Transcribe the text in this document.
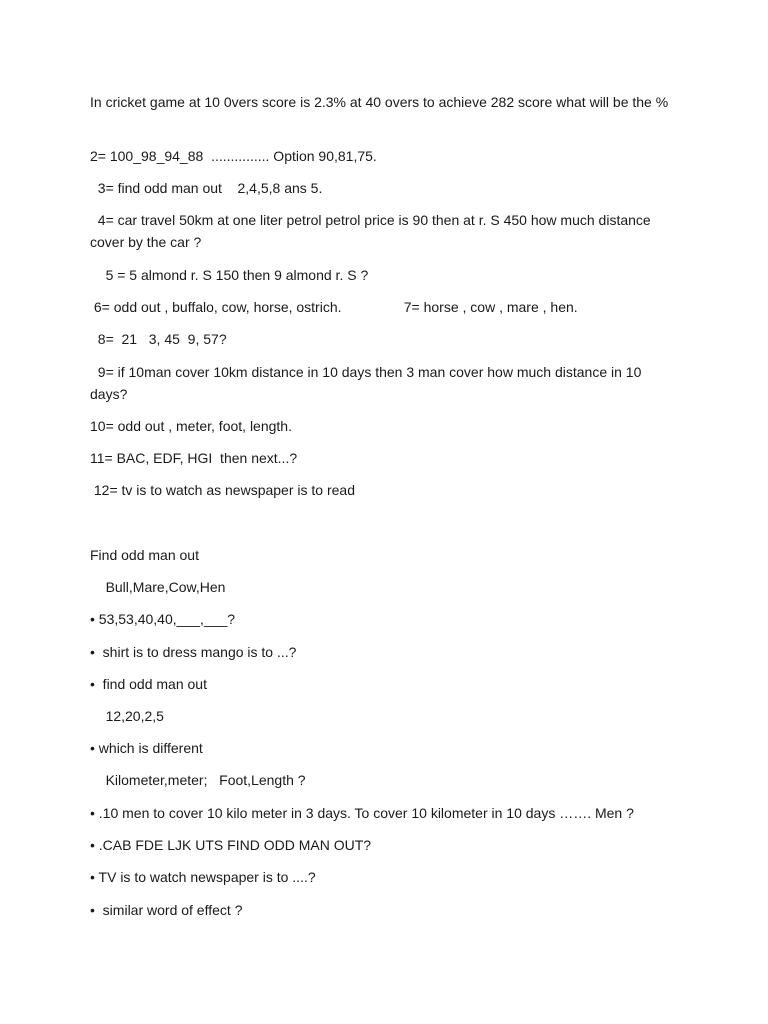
In cricket game at 10 0vers score is 2.3% at 40 overs to achieve 282 score what will be the %

2= 100_98_94_88  ............... Option 90,81,75.

3= find odd man out    2,4,5,8 ans 5.

4= car travel 50km at one liter petrol petrol price is 90 then at r. S 450 how much distance cover by the car ?

5 = 5 almond r. S 150 then 9 almond r. S ?

6= odd out , buffalo, cow, horse, ostrich.                7= horse , cow , mare , hen.

8=  21   3, 45  9, 57?

9= if 10man cover 10km distance in 10 days then 3 man cover how much distance in 10 days?

10= odd out , meter, foot, length.

11= BAC, EDF, HGI  then next...?

12= tv is to watch as newspaper is to read

Find odd man out

Bull,Mare,Cow,Hen

• 53,53,40,40,___,___?

•  shirt is to dress mango is to ...?

•  find odd man out

12,20,2,5

• which is different

Kilometer,meter;   Foot,Length ?

• .10 men to cover 10 kilo meter in 3 days. To cover 10 kilometer in 10 days ……. Men ?

• .CAB FDE LJK UTS FIND ODD MAN OUT?

• TV is to watch newspaper is to ....?

•  similar word of effect ?
